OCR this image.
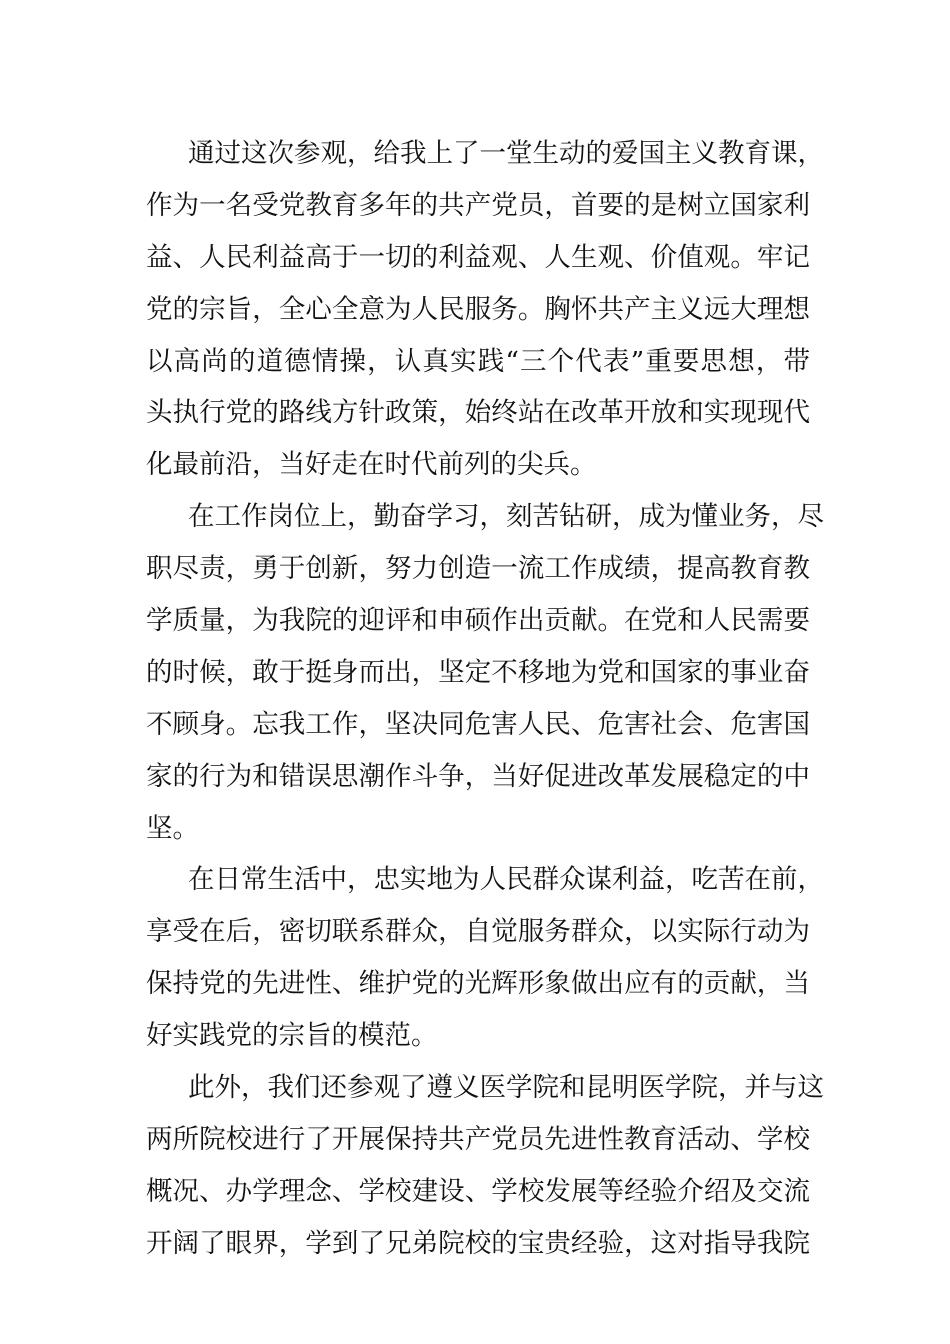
通过这次参观，给我上了一堂生动的爱国主义教育课，
作为一名受党教育多年的共产党员，首要的是树立国家利
益、人民利益高于一切的利益观、人生观、价值观。牢记
党的宗旨，全心全意为人民服务。胸怀共产主义远大理想
以高尚的道德情操，认真实践“三个代表”重要思想，带
头执行党的路线方针政策，始终站在改革开放和实现现代
化最前沿，当好走在时代前列的尖兵。
在工作岗位上，勤奋学习，刻苦钻研，成为懂业务，尽
职尽责，勇于创新，努力创造一流工作成绩，提高教育教
学质量，为我院的迎评和申硕作出贡献。在党和人民需要
的时候，敢于挺身而出，坚定不移地为党和国家的事业奋
不顾身。忘我工作，坚决同危害人民、危害社会、危害国
家的行为和错误思潮作斗争，当好促进改革发展稳定的中
坚。
在日常生活中，忠实地为人民群众谋利益，吃苦在前，
享受在后，密切联系群众，自觉服务群众，以实际行动为
保持党的先进性、维护党的光辉形象做出应有的贡献，当
好实践党的宗旨的模范。
此外，我们还参观了遵义医学院和昆明医学院，并与这
两所院校进行了开展保持共产党员先进性教育活动、学校
概况、办学理念、学校建设、学校发展等经验介绍及交流
开阔了眼界，学到了兄弟院校的宝贵经验，这对指导我院
